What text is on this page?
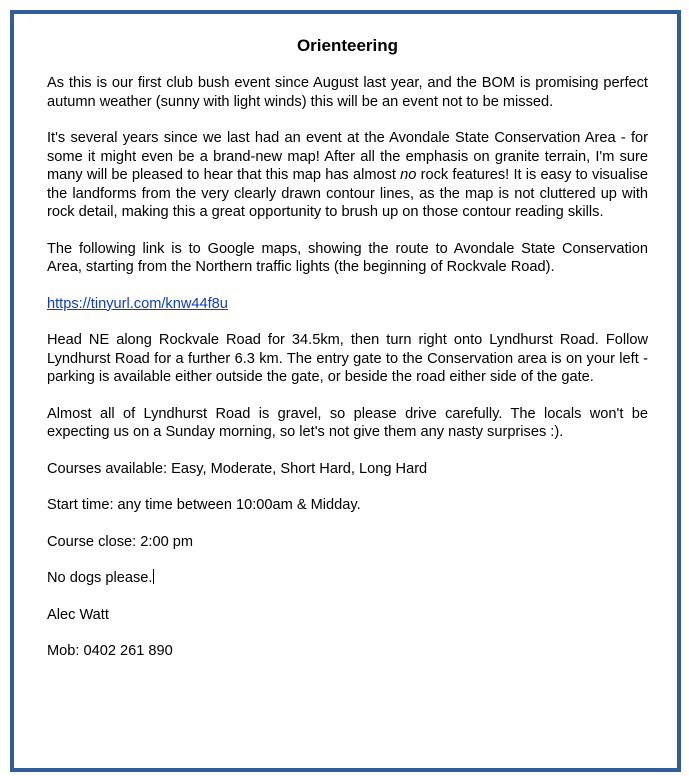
Orienteering

As this is our first club bush event since August last year, and the BOM is promising perfect autumn weather (sunny with light winds) this will be an event not to be missed.

It's several years since we last had an event at the Avondale State Conservation Area - for some it might even be a brand-new map! After all the emphasis on granite terrain, I'm sure many will be pleased to hear that this map has almost no rock features! It is easy to visualise the landforms from the very clearly drawn contour lines, as the map is not cluttered up with rock detail, making this a great opportunity to brush up on those contour reading skills.

The following link is to Google maps, showing the route to Avondale State Conservation Area, starting from the Northern traffic lights (the beginning of Rockvale Road).

https://tinyurl.com/knw44f8u

Head NE along Rockvale Road for 34.5km, then turn right onto Lyndhurst Road. Follow Lyndhurst Road for a further 6.3 km. The entry gate to the Conservation area is on your left - parking is available either outside the gate, or beside the road either side of the gate.

Almost all of Lyndhurst Road is gravel, so please drive carefully. The locals won't be expecting us on a Sunday morning, so let's not give them any nasty surprises :).

Courses available: Easy, Moderate, Short Hard, Long Hard

Start time: any time between 10:00am & Midday.

Course close: 2:00 pm

No dogs please.

Alec Watt

Mob: 0402 261 890
